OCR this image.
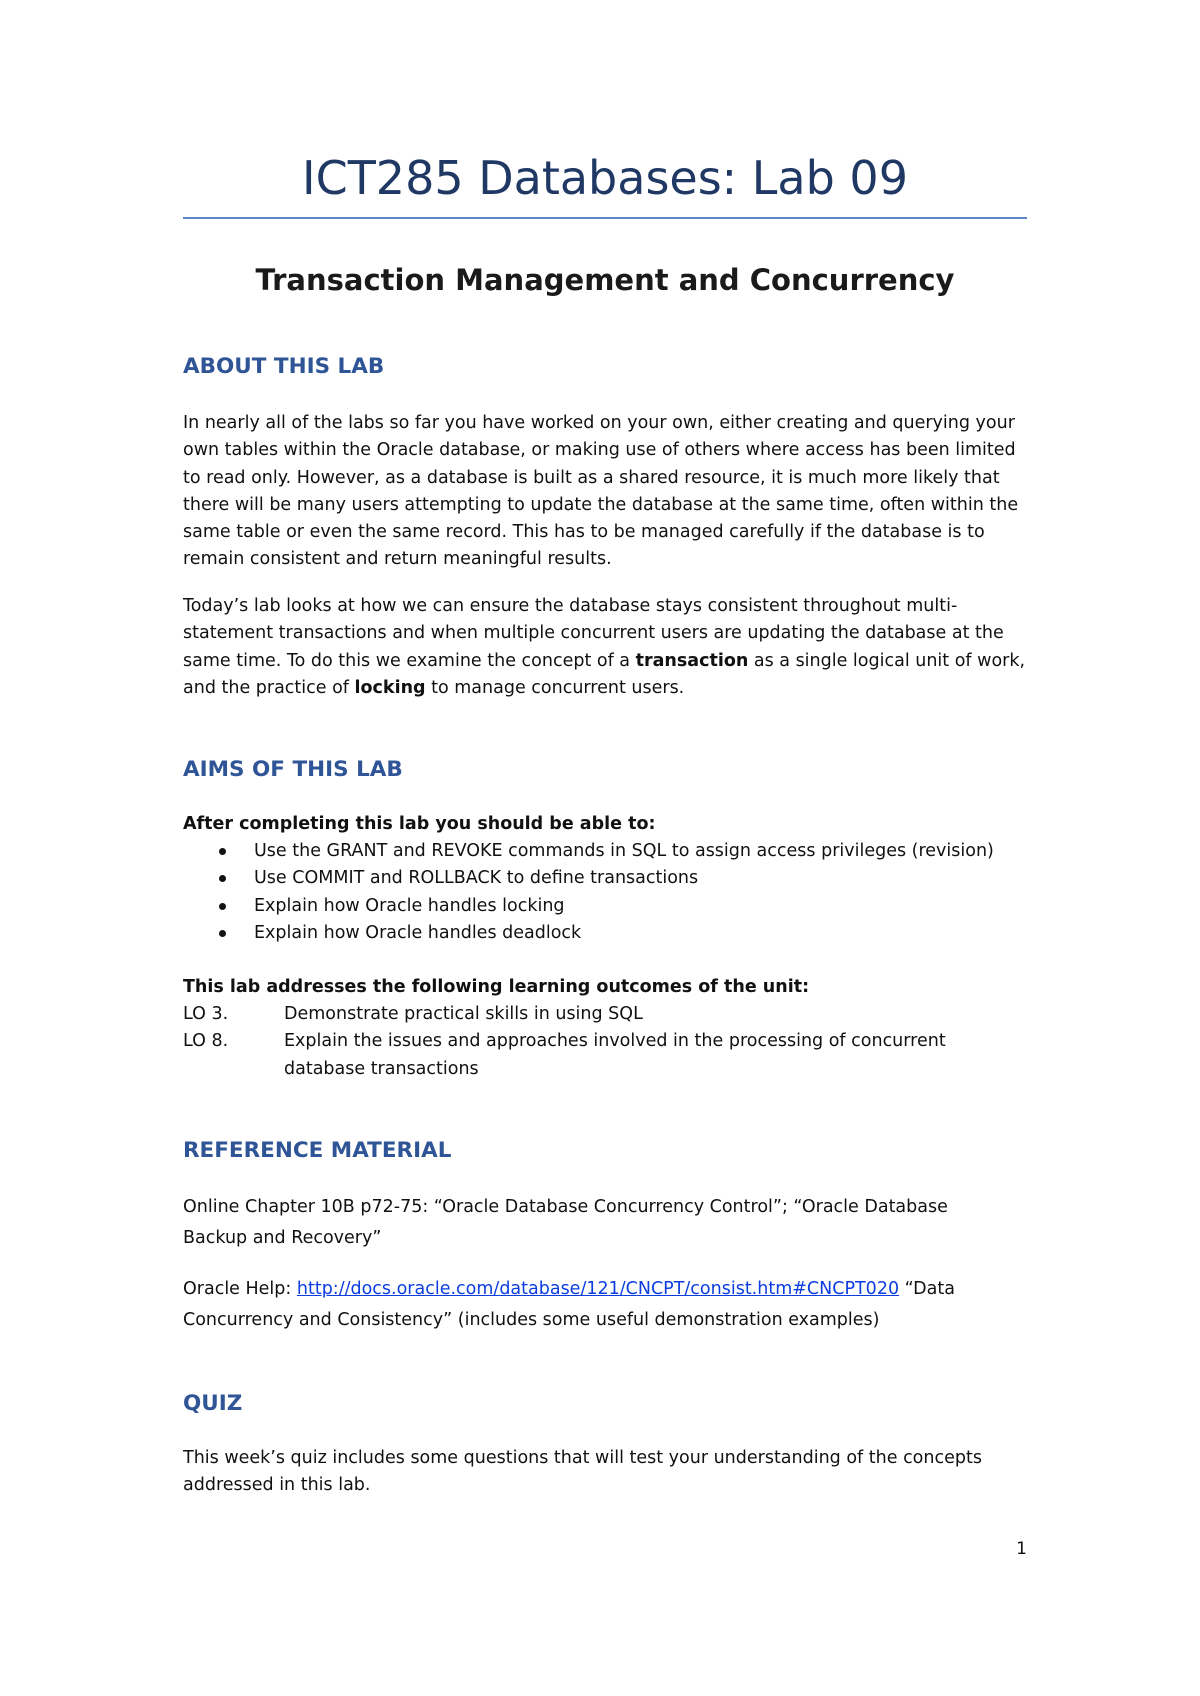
ICT285 Databases: Lab 09
Transaction Management and Concurrency
ABOUT THIS LAB

In nearly all of the labs so far you have worked on your own, either creating and querying your own tables within the Oracle database, or making use of others where access has been limited to read only. However, as a database is built as a shared resource, it is much more likely that there will be many users attempting to update the database at the same time, often within the same table or even the same record. This has to be managed carefully if the database is to remain consistent and return meaningful results.

Today’s lab looks at how we can ensure the database stays consistent throughout multi-statement transactions and when multiple concurrent users are updating the database at the same time. To do this we examine the concept of a transaction as a single logical unit of work, and the practice of locking to manage concurrent users.

AIMS OF THIS LAB

After completing this lab you should be able to:

Use the GRANT and REVOKE commands in SQL to assign access privileges (revision)
Use COMMIT and ROLLBACK to define transactions
Explain how Oracle handles locking
Explain how Oracle handles deadlock

This lab addresses the following learning outcomes of the unit:

LO 3.	Demonstrate practical skills in using SQL
LO 8.	Explain the issues and approaches involved in the processing of concurrent database transactions
REFERENCE MATERIAL

Online Chapter 10B p72-75: “Oracle Database Concurrency Control”; “Oracle Database Backup and Recovery”

Oracle Help: http://docs.oracle.com/database/121/CNCPT/consist.htm#CNCPT020 “Data Concurrency and Consistency” (includes some useful demonstration examples)

QUIZ

This week’s quiz includes some questions that will test your understanding of the concepts addressed in this lab.

1
